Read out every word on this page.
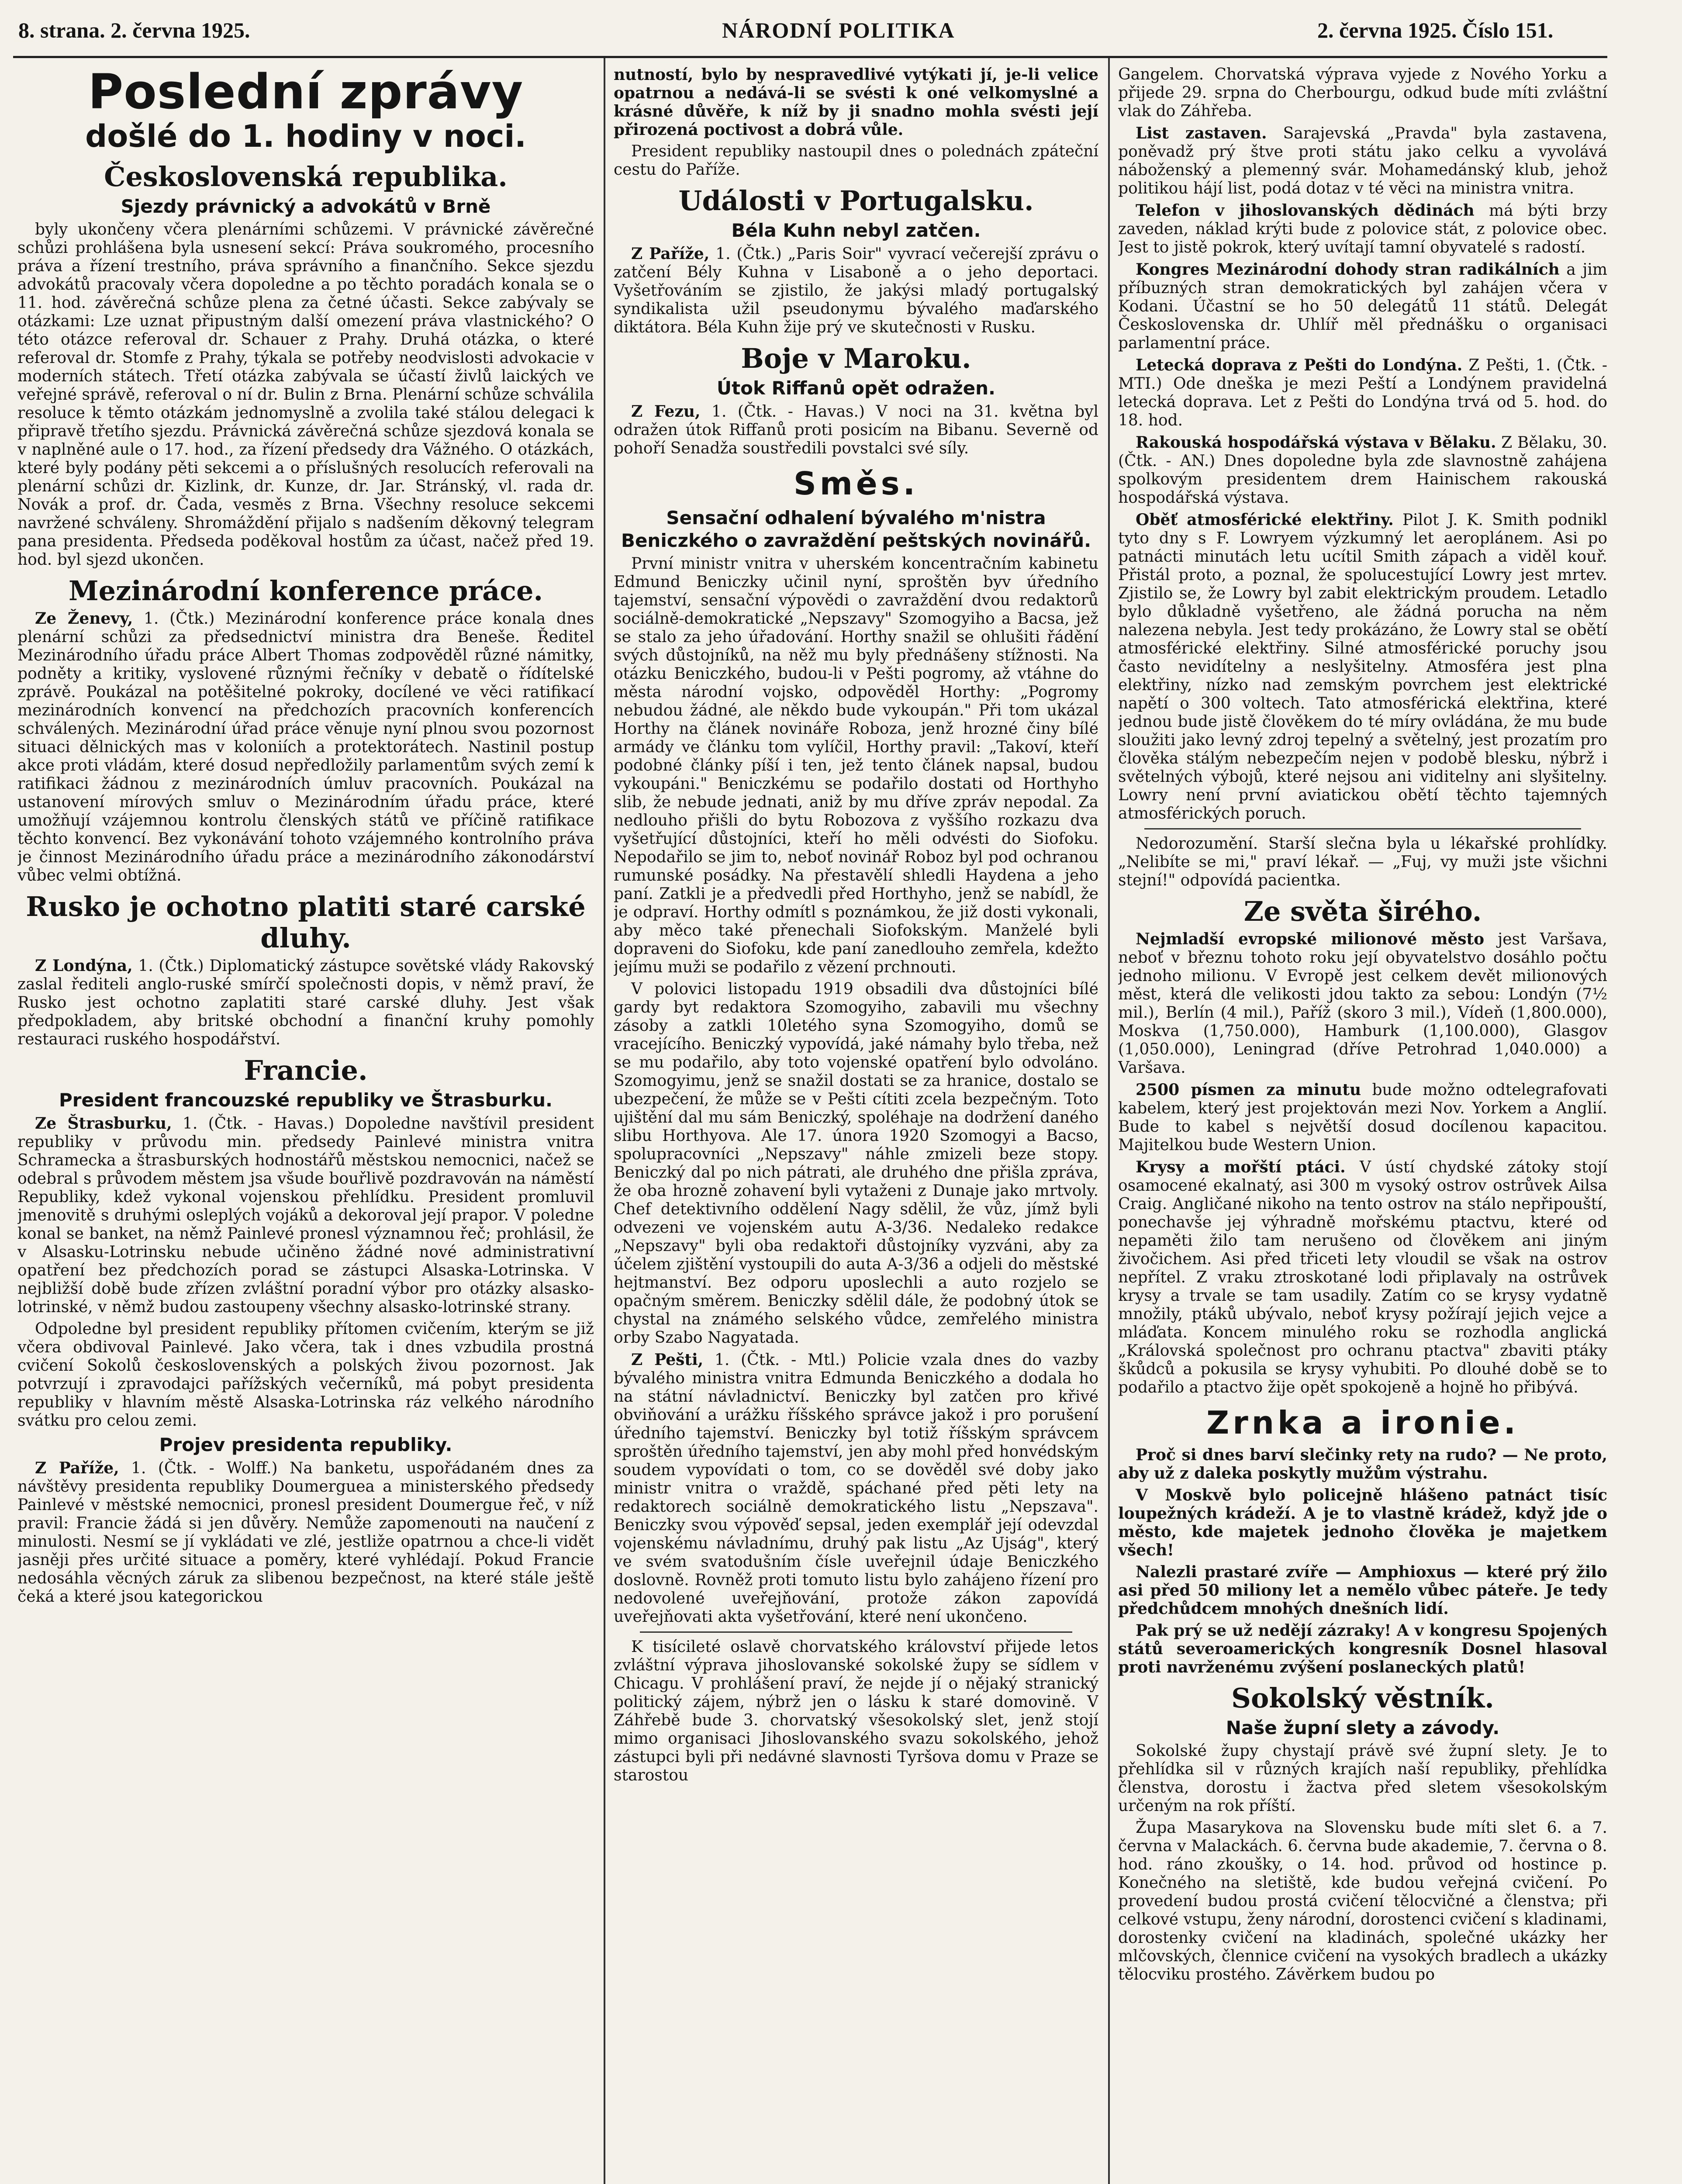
8. strana. 2. června 1925.	NÁRODNÍ POLITIKA	2. června 1925. Číslo 151.
Poslední zprávy
došlé do 1. hodiny v noci.
Československá republika.
Sjezdy právnický a advokátů v Brně

byly ukončeny včera plenárními schůzemi. V právnické závěrečné schůzi prohlášena byla usnesení sekcí: Práva soukromého, procesního práva a řízení trestního, práva správního a finančního. Sekce sjezdu advokátů pracovaly včera dopoledne a po těchto poradách konala se o 11. hod. závěrečná schůze plena za četné účasti. Sekce zabývaly se otázkami: Lze uznat připustným další omezení práva vlastnického? O této otázce referoval dr. Schauer z Prahy. Druhá otázka, o které referoval dr. Stomfe z Prahy, týkala se potřeby neodvislosti advokacie v moderních státech. Třetí otázka zabývala se účastí živlů laických ve veřejné správě, referoval o ní dr. Bulin z Brna. Plenární schůze schválila resoluce k těmto otázkám jednomyslně a zvolila také stálou delegaci k připravě třetího sjezdu. Právnická závěrečná schůze sjezdová konala se v naplněné aule o 17. hod., za řízení předsedy dra Vážného. O otázkách, které byly podány pěti sekcemi a o příslušných resolucích referovali na plenární schůzi dr. Kizlink, dr. Kunze, dr. Jar. Stránský, vl. rada dr. Novák a prof. dr. Čada, vesměs z Brna. Všechny resoluce sekcemi navržené schváleny. Shromáždění přijalo s nadšením děkovný telegram pana presidenta. Předseda poděkoval hostům za účast, načež před 19. hod. byl sjezd ukončen.

Mezinárodní konference práce.

Ze Ženevy, 1. (Čtk.) Mezinárodní konference práce konala dnes plenární schůzi za předsednictví ministra dra Beneše. Ředitel Mezinárodního úřadu práce Albert Thomas zodpověděl různé námitky, podněty a kritiky, vyslovené různými řečníky v debatě o řídítelské zprávě. Poukázal na potěšitelné pokroky, docílené ve věci ratifikací mezinárodních konvencí na předchozích pracovních konferencích schválených. Mezinárodní úřad práce věnuje nyní plnou svou pozornost situaci dělnických mas v koloniích a protektorátech. Nastinil postup akce proti vládám, které dosud nepředložily parlamentům svých zemí k ratifikaci žádnou z mezinárodních úmluv pracovních. Poukázal na ustanovení mírových smluv o Mezinárodním úřadu práce, které umožňují vzájemnou kontrolu členských států ve příčině ratifikace těchto konvencí. Bez vykonávání tohoto vzájemného kontrolního práva je činnost Mezinárodního úřadu práce a mezinárodního zákonodárství vůbec velmi obtížná.

Rusko je ochotno platiti staré carské dluhy.

Z Londýna, 1. (Čtk.) Diplomatický zástupce sovětské vlády Rakovský zaslal řediteli anglo-ruské smírčí společnosti dopis, v němž praví, že Rusko jest ochotno zaplatiti staré carské dluhy. Jest však předpokladem, aby britské obchodní a finanční kruhy pomohly restauraci ruského hospodářství.

Francie.
President francouzské republiky ve Štrasburku.

Ze Štrasburku, 1. (Čtk. - Havas.) Dopoledne navštívil president republiky v průvodu min. předsedy Painlevé ministra vnitra Schramecka a štrasburských hodnostářů městskou nemocnici, načež se odebral s průvodem městem jsa všude bouřlivě pozdravován na náměstí Republiky, kdež vykonal vojenskou přehlídku. President promluvil jmenovitě s druhými osleplých vojáků a dekoroval její prapor. V poledne konal se banket, na němž Painlevé pronesl významnou řeč; prohlásil, že v Alsasku-Lotrinsku nebude učiněno žádné nové administrativní opatření bez předchozích porad se zástupci Alsaska-Lotrinska. V nejbližší době bude zřízen zvláštní poradní výbor pro otázky alsasko-lotrinské, v němž budou zastoupeny všechny alsasko-lotrinské strany.

Odpoledne byl president republiky přítomen cvičením, kterým se již včera obdivoval Painlevé. Jako včera, tak i dnes vzbudila prostná cvičení Sokolů československých a polských živou pozornost. Jak potvrzují i zpravodajci pařížských večerníků, má pobyt presidenta republiky v hlavním městě Alsaska-Lotrinska ráz velkého národního svátku pro celou zemi.

Projev presidenta republiky.

Z Paříže, 1. (Čtk. - Wolff.) Na banketu, uspořádaném dnes za návštěvy presidenta republiky Doumerguea a ministerského předsedy Painlevé v městské nemocnici, pronesl president Doumergue řeč, v níž pravil: Francie žádá si jen důvěry. Nemůže zapomenouti na naučení z minulosti. Nesmí se jí vykládati ve zlé, jestliže opatrnou a chce-li vidět jasněji přes určité situace a poměry, které vyhlédají. Pokud Francie nedosáhla věcných záruk za slibenou bezpečnost, na které stále ještě čeká a které jsou kategorickou

nutností, bylo by nespravedlivé vytýkati jí, je-li velice opatrnou a nedává-li se svésti k oné velkomyslné a krásné důvěře, k níž by ji snadno mohla svésti její přirozená poctivost a dobrá vůle.

President republiky nastoupil dnes o polednách zpáteční cestu do Paříže.

Události v Portugalsku.
Béla Kuhn nebyl zatčen.

Z Paříže, 1. (Čtk.) „Paris Soir" vyvrací večerejší zprávu o zatčení Bély Kuhna v Lisaboně a o jeho deportaci. Vyšetřováním se zjistilo, že jakýsi mladý portugalský syndikalista užil pseudonymu bývalého maďarského diktátora. Béla Kuhn žije prý ve skutečnosti v Rusku.

Boje v Maroku.
Útok Riffanů opět odražen.

Z Fezu, 1. (Čtk. - Havas.) V noci na 31. května byl odražen útok Riffanů proti posicím na Bibanu. Severně od pohoří Senadža soustředili povstalci své síly.

Směs.
Sensační odhalení bývalého m'nistra Beniczkého o zavraždění peštských novinářů.

První ministr vnitra v uherském koncentračním kabinetu Edmund Beniczky učinil nyní, sproštěn byv úředního tajemství, sensační výpovědi o zavraždění dvou redaktorů sociálně-demokratické „Nepszavy" Szomogyiho a Bacsa, jež se stalo za jeho úřadování. Horthy snažil se ohlušiti řádění svých důstojníků, na něž mu byly přednášeny stížnosti. Na otázku Beniczkého, budou-li v Pešti pogromy, až vtáhne do města národní vojsko, odpověděl Horthy: „Pogromy nebudou žádné, ale někdo bude vykoupán." Při tom ukázal Horthy na článek novináře Roboza, jenž hrozné činy bílé armády ve článku tom vylíčil, Horthy pravil: „Takoví, kteří podobné články píší i ten, jež tento článek napsal, budou vykoupáni." Beniczkému se podařilo dostati od Horthyho slib, že nebude jednati, aniž by mu dříve zpráv nepodal. Za nedlouho přišli do bytu Robozova z vyššího rozkazu dva vyšetřující důstojníci, kteří ho měli odvésti do Siofoku. Nepodařilo se jim to, neboť novinář Roboz byl pod ochranou rumunské posádky. Na přestavělí shledli Haydena a jeho paní. Zatkli je a předvedli před Horthyho, jenž se nabídl, že je odpraví. Horthy odmítl s poznámkou, že již dosti vykonali, aby měco také přenechali Siofokským. Manželé byli dopraveni do Siofoku, kde paní zanedlouho zemřela, kdežto jejímu muži se podařilo z vězení prchnouti.

V polovici listopadu 1919 obsadili dva důstojníci bílé gardy byt redaktora Szomogyiho, zabavili mu všechny zásoby a zatkli 10letého syna Szomogyiho, domů se vracejícího. Beniczký vypovídá, jaké námahy bylo třeba, než se mu podařilo, aby toto vojenské opatření bylo odvoláno. Szomogyimu, jenž se snažil dostati se za hranice, dostalo se ubezpečení, že může se v Pešti cítiti zcela bezpečným. Toto ujištění dal mu sám Beniczký, spoléhaje na dodržení daného slibu Horthyova. Ale 17. února 1920 Szomogyi a Bacso, spolupracovníci „Nepszavy" náhle zmizeli beze stopy. Beniczký dal po nich pátrati, ale druhého dne přišla zpráva, že oba hrozně zohavení byli vytaženi z Dunaje jako mrtvoly. Chef detektivního oddělení Nagy sdělil, že vůz, jímž byli odvezeni ve vojenském autu A-3/36. Nedaleko redakce „Nepszavy" byli oba redaktoři důstojníky vyzváni, aby za účelem zjištění vystoupili do auta A-3/36 a odjeli do městské hejtmanství. Bez odporu uposlechli a auto rozjelo se opačným směrem. Beniczky sdělil dále, že podobný útok se chystal na známého selského vůdce, zemřelého ministra orby Szabo Nagyatada.

Z Pešti, 1. (Čtk. - Mtl.) Policie vzala dnes do vazby bývalého ministra vnitra Edmunda Beniczkého a dodala ho na státní návladnictví. Beniczky byl zatčen pro křivé obviňování a urážku říšského správce jakož i pro porušení úředního tajemství. Beniczky byl totiž říšským správcem sproštěn úředního tajemství, jen aby mohl před honvédským soudem vypovídati o tom, co se dověděl své doby jako ministr vnitra o vraždě, spáchané před pěti lety na redaktorech sociálně demokratického listu „Nepszava". Beniczky svou výpověď sepsal, jeden exemplář její odevzdal vojenskému návladnímu, druhý pak listu „Az Ujság", který ve svém svatodušním čísle uveřejnil údaje Beniczkého doslovně. Rovněž proti tomuto listu bylo zahájeno řízení pro nedovolené uveřejňování, protože zákon zapovídá uveřejňovati akta vyšetřování, které není ukončeno.

K tisícileté oslavě chorvatského království přijede letos zvláštní výprava jihoslovanské sokolské župy se sídlem v Chicagu. V prohlášení praví, že nejde jí o nějaký stranický politický zájem, nýbrž jen o lásku k staré domovině. V Záhřebě bude 3. chorvatský všesokolský slet, jenž stojí mimo organisaci Jihoslovanského svazu sokolského, jehož zástupci byli při nedávné slavnosti Tyršova domu v Praze se starostou

Gangelem. Chorvatská výprava vyjede z Nového Yorku a přijede 29. srpna do Cherbourgu, odkud bude míti zvláštní vlak do Záhřeba.

List zastaven. Sarajevská „Pravda" byla zastavena, poněvadž prý štve proti státu jako celku a vyvolává náboženský a plemenný svár. Mohamedánský klub, jehož politikou hájí list, podá dotaz v té věci na ministra vnitra.

Telefon v jihoslovanských dědinách má býti brzy zaveden, náklad krýti bude z polovice stát, z polovice obec. Jest to jistě pokrok, který uvítají tamní obyvatelé s radostí.

Kongres Mezinárodní dohody stran radikálních a jim příbuzných stran demokratických byl zahájen včera v Kodani. Účastní se ho 50 delegátů 11 států. Delegát Československa dr. Uhlíř měl přednášku o organisaci parlamentní práce.

Letecká doprava z Pešti do Londýna. Z Pešti, 1. (Čtk. - MTI.) Ode dneška je mezi Peští a Londýnem pravidelná letecká doprava. Let z Pešti do Londýna trvá od 5. hod. do 18. hod.

Rakouská hospodářská výstava v Bělaku. Z Bělaku, 30. (Čtk. - AN.) Dnes dopoledne byla zde slavnostně zahájena spolkovým presidentem drem Hainischem rakouská hospodářská výstava.

Oběť atmosférické elektřiny. Pilot J. K. Smith podnikl tyto dny s F. Lowryem výzkumný let aeroplánem. Asi po patnácti minutách letu ucítil Smith zápach a viděl kouř. Přistál proto, a poznal, že spolucestující Lowry jest mrtev. Zjistilo se, že Lowry byl zabit elektrickým proudem. Letadlo bylo důkladně vyšetřeno, ale žádná porucha na něm nalezena nebyla. Jest tedy prokázáno, že Lowry stal se obětí atmosférické elektřiny. Silné atmosférické poruchy jsou často nevidítelny a neslyšitelny. Atmosféra jest plna elektřiny, nízko nad zemským povrchem jest elektrické napětí o 300 voltech. Tato atmosférická elektřina, které jednou bude jistě člověkem do té míry ovládána, že mu bude sloužiti jako levný zdroj tepelný a světelný, jest prozatím pro člověka stálým nebezpečím nejen v podobě blesku, nýbrž i světelných výbojů, které nejsou ani viditelny ani slyšitelny. Lowry není první aviatickou obětí těchto tajemných atmosférických poruch.

Nedorozumění. Starší slečna byla u lékařské prohlídky. „Nelibíte se mi," praví lékař. — „Fuj, vy muži jste všichni stejní!" odpovídá pacientka.

Ze světa širého.

Nejmladší evropské milionové město jest Varšava, neboť v březnu tohoto roku její obyvatelstvo dosáhlo počtu jednoho milionu. V Evropě jest celkem devět milionových měst, která dle velikosti jdou takto za sebou: Londýn (7½ mil.), Berlín (4 mil.), Paříž (skoro 3 mil.), Vídeň (1,800.000), Moskva (1,750.000), Hamburk (1,100.000), Glasgov (1,050.000), Leningrad (dříve Petrohrad 1,040.000) a Varšava.

2500 písmen za minutu bude možno odtelegrafovati kabelem, který jest projektován mezi Nov. Yorkem a Anglií. Bude to kabel s největší dosud docílenou kapacitou. Majitelkou bude Western Union.

Krysy a mořští ptáci. V ústí chydské zátoky stojí osamocené ekalnatý, asi 300 m vysoký ostrov ostrůvek Ailsa Craig. Angličané nikoho na tento ostrov na stálo nepřipouští, ponechavše jej výhradně mořskému ptactvu, které od nepaměti žilo tam nerušeno od člověkem ani jiným živočichem. Asi před třiceti lety vloudil se však na ostrov nepřítel. Z vraku ztroskotané lodi připlavaly na ostrůvek krysy a trvale se tam usadily. Zatím co se krysy vydatně množily, ptáků ubývalo, neboť krysy požírají jejich vejce a mláďata. Koncem minulého roku se rozhodla anglická „Královská společnost pro ochranu ptactva" zbaviti ptáky škůdců a pokusila se krysy vyhubiti. Po dlouhé době se to podařilo a ptactvo žije opět spokojeně a hojně ho přibývá.

Zrnka a ironie.

Proč si dnes barví slečinky rety na rudo? — Ne proto, aby už z daleka poskytly mužům výstrahu.

V Moskvě bylo policejně hlášeno patnáct tisíc loupežných krádeží. A je to vlastně krádež, když jde o město, kde majetek jednoho člověka je majetkem všech!

Nalezli prastaré zvíře — Amphioxus — které prý žilo asi před 50 miliony let a nemělo vůbec páteře. Je tedy předchůdcem mnohých dnešních lidí.

Pak prý se už nedějí zázraky! A v kongresu Spojených států severoamerických kongresník Dosnel hlasoval proti navrženému zvýšení poslaneckých platů!

Sokolský věstník.
Naše župní slety a závody.

Sokolské župy chystají právě své župní slety. Je to přehlídka sil v různých krajích naší republiky, přehlídka členstva, dorostu i žactva před sletem všesokolským určeným na rok příští.

Župa Masarykova na Slovensku bude míti slet 6. a 7. června v Malackách. 6. června bude akademie, 7. června o 8. hod. ráno zkoušky, o 14. hod. průvod od hostince p. Konečného na sletiště, kde budou veřejná cvičení. Po provedení budou prostá cvičení tělocvičné a členstva; při celkové vstupu, ženy národní, dorostenci cvičení s kladinami, dorostenky cvičení na kladinách, společné ukázky her mlčovských, člennice cvičení na vysokých bradlech a ukázky tělocviku prostého. Závěrkem budou po
